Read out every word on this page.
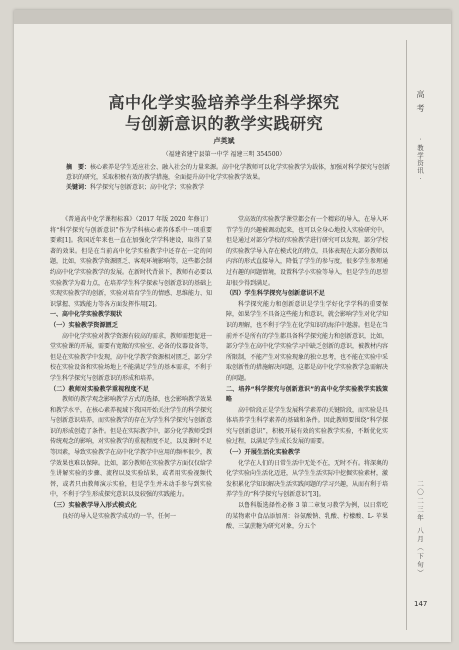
高中化学实验培养学生科学探究
与创新意识的教学实践研究
卢英斌
（福建省建宁县第一中学 福建三明 354500）
摘　要：核心素养是学生适应社会、融入社会的力量来源。高中化学教师可以化学实验教学为载体，加强对科学探究与创新意识的研究，采取积极有效的教学措施，全面提升高中化学实验教学效果。
关键词：科学探究与创新意识；高中化学；实验教学

《普通高中化学课程标准》（2017 年版 2020 年修订）将“科学探究与创新意识”作为学科核心素养体系中一项重要要素[1]。我国近年来也一直在加强化学学科建设，取得了显著的效果。但是在当前高中化学实验教学中还存在一定的问题，比如，实验教学资源匮乏、客观环境影响等，这些都会制约高中化学实验教学的发展。在新时代背景下，教师有必要以实验教学为着力点，在培养学生科学探索与创新意识的基础上实现实验教学的创新，实验对培育学生的情感、思维能力、知识掌握、实践能力等各方面发挥作用[2]。

一、高中化学实验教学现状

（一）实验教学资源匮乏

高中化学实验对教学资源有较高的需求，教师需想促进一堂实验课的开展，需要有宽敞的实验室、必备的仪器设备等，但是在实验教学中发现，高中化学教学资源相对匮乏，部分学校在实验设备和实验场地上不能满足学生的基本需求，不利于学生科学探究与创新意识的形成和培养。

（二）教师对实验教学重视程度不足

教师的教学观念影响教学方式的选择，也会影响教学效果和教学水平，在核心素养视域下我国开始关注学生的科学探究与创新意识培养，而实验教学的存在为学生科学探究与创新意识的形成创造了条件。但是在实际教学中，部分化学教师受到传统观念的影响，对实验教学的重视程度不足，以及课时不足等因素，导致实验教学在高中化学教学中应用的频率很少，教学效果也难以保障。比如，部分教师在实验教学方面仅仅给学生讲解实验的步骤、流程以及实验结果，或者用实验视频代替，或者只由教师演示实验，但是学生并未动手参与到实验中，不利于学生形成探究意识以及较强的实践能力。

（三）实验教学导入形式模式化

良好的导入是实验教学成功的一半，任何一

堂高效的实验教学课堂都会有一个精彩的导入，在导入环节学生的兴趣被调动起来，也可以全身心地投入实验研究中。但是通过对部分学校的实验教学进行研究可以发现，部分学校的实验教学导入存在模式化的特点，具体表现在大部分教师以内容的形式直接导入，降低了学生的参与度，很多学生参理通过有趣的问题情境，设置科学小实验等导入，但是学生的思望却很少得到满足。

（四）学生科学探究与创新意识不足

科学探究能力和创新意识是学生学好化学学科的重要保障，如果学生不具备这些能力和意识，就会影响学生对化学知识的理解，也不利于学生在化学知识的海洋中遨游。但是在当前并不是所有的学生都具备科学探究能力和创新意识，比如，部分学生在高中化学实验学习中缺乏创新的意识，被教材内容所限制，不能产生对实验现象的独立思考，也不能在实验中采取创新性的措施解决问题，这都是高中化学实验教学急需解决的问题。

二、培养“科学探究与创新意识”的高中化学实验教学实践策略

高中阶段正是学生发展科学素养的关键阶段，而实验是具体培养学生科学素养的基础和条件。因此教师要围绕“科学探究与创新意识”，积极开展有效的实验教学实验，不断优化实验过程，以满足学生成长发展的需要。

（一）开展生活化实验教学

化学在人们的日常生活中无处不在，无时不有。将深奥的化学实验向生活化迈进，从学生生活实际中挖掘实验素材，激发积累化学知识解决生活实践问题的学习兴趣，从而有利于培养学生的“科学探究与创新意识”[3]。

以鲁科版选择性必修 3 第二章复习教学为例，以日常吃的某物素中食品添加剂：谷氨酸钠、乳酸、柠檬酸、L- 苹果酸、三氯蔗糖为研究对象，分五个

高考
· 教学资讯 ·
二〇二三年 八月（下旬）
147
